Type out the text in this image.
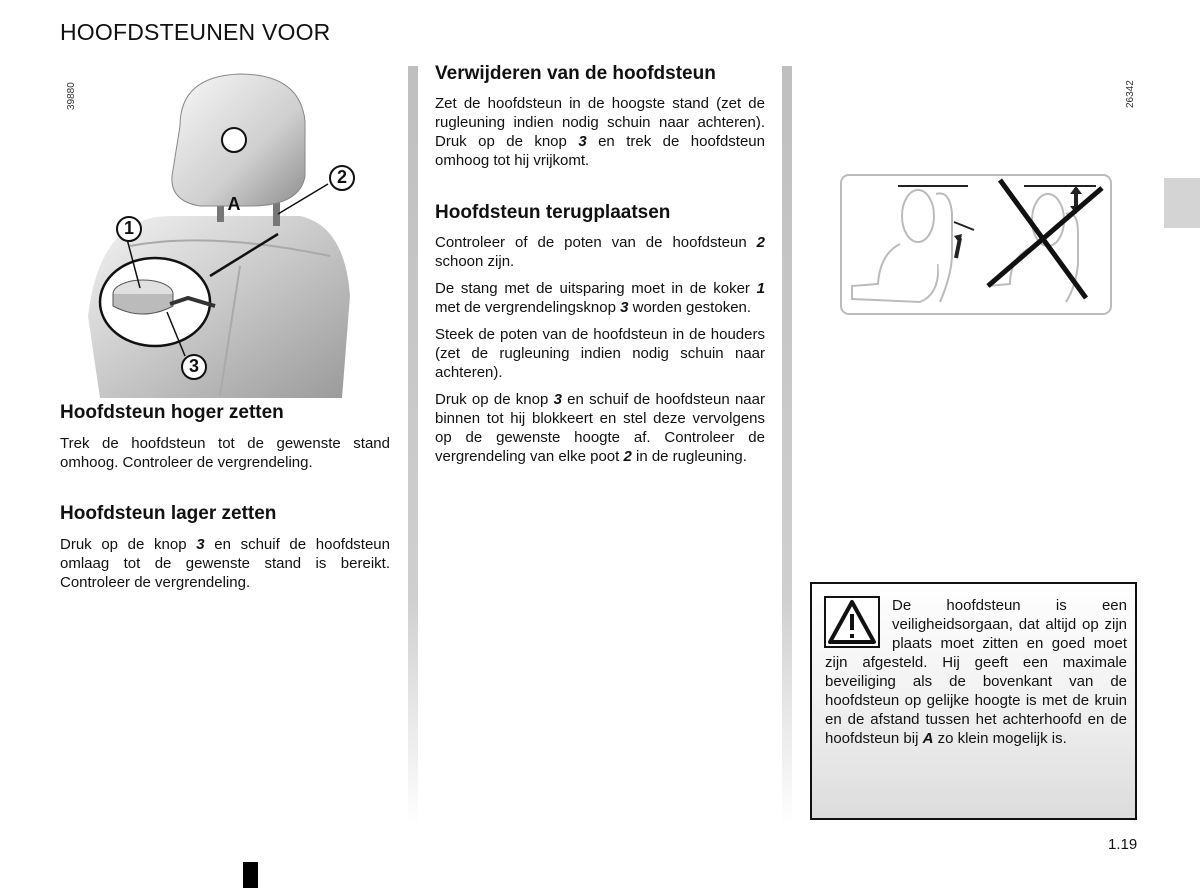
HOOFDSTEUNEN VOOR
39880
A
2
1
3
Hoofdsteun hoger zetten

Trek de hoofdsteun tot de gewenste stand omhoog. Controleer de vergrendeling.

Hoofdsteun lager zetten

Druk op de knop 3 en schuif de hoofdsteun omlaag tot de gewenste stand is bereikt. Controleer de vergrendeling.

Verwijderen van de hoofdsteun

Zet de hoofdsteun in de hoogste stand (zet de rugleuning indien nodig schuin naar achteren). Druk op de knop 3 en trek de hoofdsteun omhoog tot hij vrijkomt.

Hoofdsteun terugplaatsen

Controleer of de poten van de hoofdsteun 2 schoon zijn.

De stang met de uitsparing moet in de koker 1 met de vergrendelingsknop 3 worden gestoken.

Steek de poten van de hoofdsteun in de houders (zet de rugleuning indien nodig schuin naar achteren).

Druk op de knop 3 en schuif de hoofdsteun naar binnen tot hij blokkeert en stel deze vervolgens op de gewenste hoogte af. Controleer de vergrendeling van elke poot 2 in de rugleuning.

26342
De hoofdsteun is een veiligheidsorgaan, dat altijd op zijn plaats moet zitten en goed moet zijn afgesteld. Hij geeft een maximale beveiliging als de bovenkant van de hoofdsteun op gelijke hoogte is met de kruin en de afstand tussen het achterhoofd en de hoofdsteun bij A zo klein mogelijk is.
1.19
